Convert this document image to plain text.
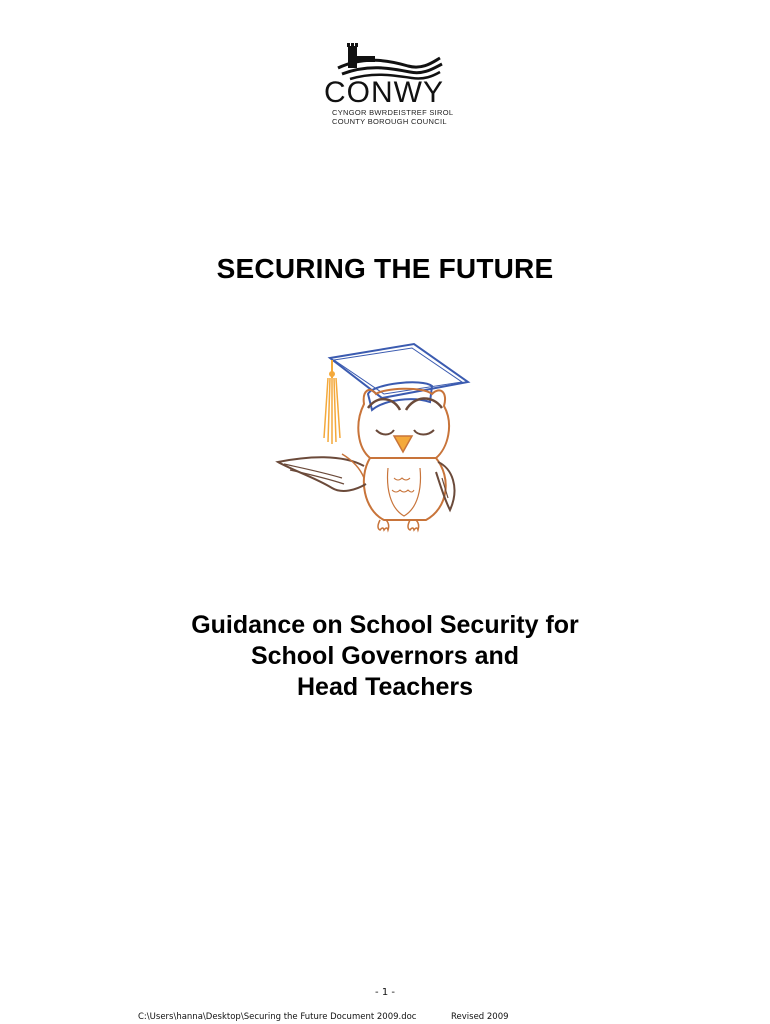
CONWY
CYNGOR BWRDEISTREF SIROL
COUNTY BOROUGH COUNCIL
SECURING THE FUTURE
Guidance on School Security for
School Governors and
Head Teachers
- 1 -
C:\Users\hanna\Desktop\Securing the Future Document 2009.doc	Revised 2009
